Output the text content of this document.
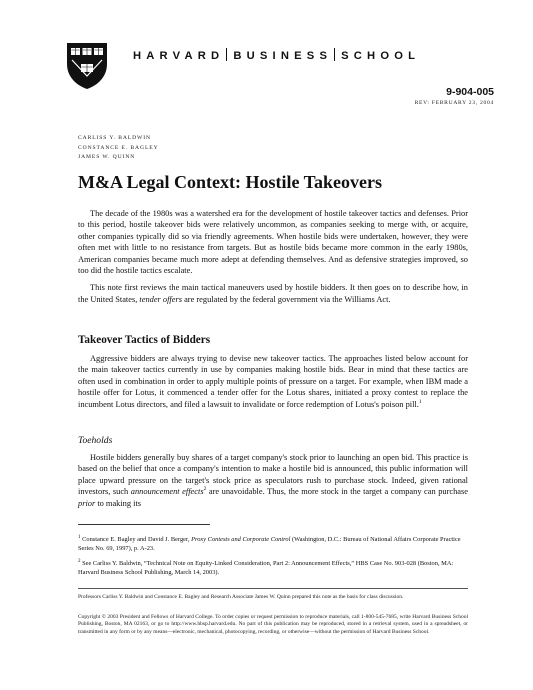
HARVARD BUSINESS SCHOOL
9-904-005
REV: FEBRUARY 23, 2004
CARLISS Y. BALDWIN
CONSTANCE E. BAGLEY
JAMES W. QUINN
M&A Legal Context: Hostile Takeovers

The decade of the 1980s was a watershed era for the development of hostile takeover tactics and defenses. Prior to this period, hostile takeover bids were relatively uncommon, as companies seeking to merge with, or acquire, other companies typically did so via friendly agreements. When hostile bids were undertaken, however, they were often met with little to no resistance from targets. But as hostile bids became more common in the early 1980s, American companies became much more adept at defending themselves. And as defensive strategies improved, so too did the hostile tactics escalate.

This note first reviews the main tactical maneuvers used by hostile bidders. It then goes on to describe how, in the United States, tender offers are regulated by the federal government via the Williams Act.

Takeover Tactics of Bidders

Aggressive bidders are always trying to devise new takeover tactics. The approaches listed below account for the main takeover tactics currently in use by companies making hostile bids. Bear in mind that these tactics are often used in combination in order to apply multiple points of pressure on a target. For example, when IBM made a hostile offer for Lotus, it commenced a tender offer for the Lotus shares, initiated a proxy contest to replace the incumbent Lotus directors, and filed a lawsuit to invalidate or force redemption of Lotus's poison pill.$^1$

Toeholds

Hostile bidders generally buy shares of a target company's stock prior to launching an open bid. This practice is based on the belief that once a company's intention to make a hostile bid is announced, this public information will place upward pressure on the target's stock price as speculators rush to purchase stock. Indeed, given rational investors, such announcement effects$^2$ are unavoidable. Thus, the more stock in the target a company can purchase prior to making its

$^1$ Constance E. Bagley and David J. Berger, Proxy Contests and Corporate Control (Washington, D.C.: Bureau of National Affairs Corporate Practice Series No. 69, 1997), p. A-23.
$^2$ See Carliss Y. Baldwin, “Technical Note on Equity-Linked Consideration, Part 2: Announcement Effects,” HBS Case No. 903-028 (Boston, MA: Harvard Business School Publishing, March 14, 2003).
Professors Carliss Y. Baldwin and Constance E. Bagley and Research Associate James W. Quinn prepared this note as the basis for class discussion.
Copyright © 2003 President and Fellows of Harvard College. To order copies or request permission to reproduce materials, call 1-800-545-7685, write Harvard Business School Publishing, Boston, MA 02163, or go to http://www.hbsp.harvard.edu. No part of this publication may be reproduced, stored in a retrieval system, used in a spreadsheet, or transmitted in any form or by any means—electronic, mechanical, photocopying, recording, or otherwise—without the permission of Harvard Business School.
